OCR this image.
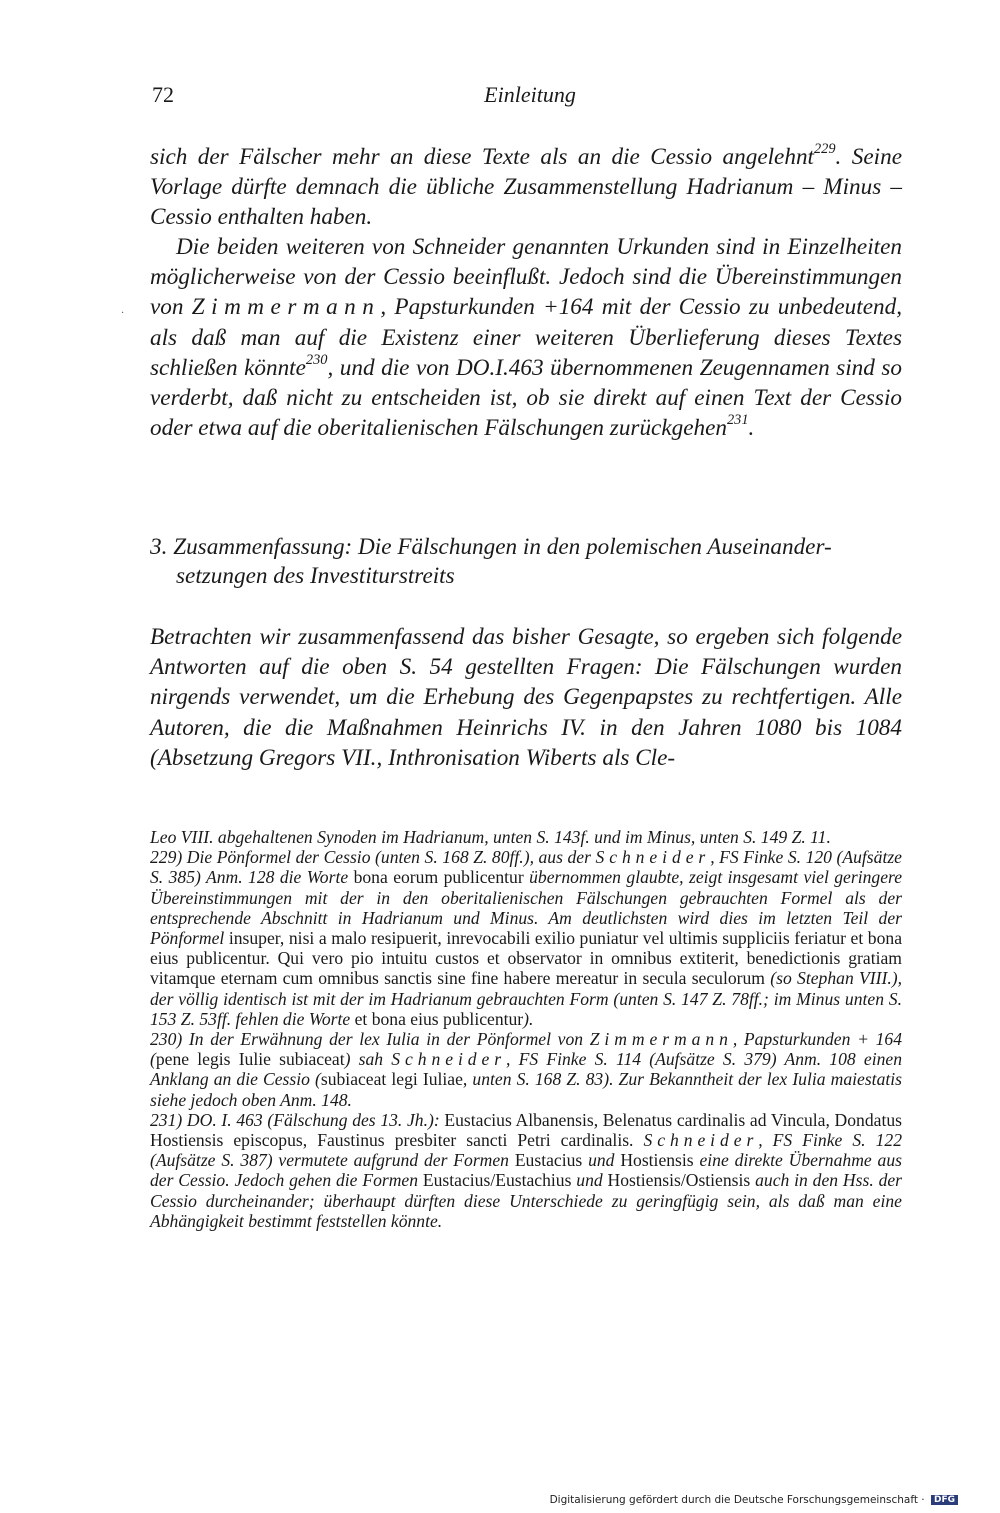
72	Einleitung

sich der Fälscher mehr an diese Texte als an die Cessio angelehnt$^{229}$. Seine Vorlage dürfte demnach die übliche Zusammenstellung Hadrianum – Minus – Cessio enthalten haben.

Die beiden weiteren von Schneider genannten Urkunden sind in Einzelheiten möglicherweise von der Cessio beeinflußt. Jedoch sind die Übereinstimmungen von Zimmermann, Papsturkunden +164 mit der Cessio zu unbedeutend, als daß man auf die Existenz einer weiteren Überlieferung dieses Textes schließen könnte$^{230}$, und die von DO.I.463 übernommenen Zeugennamen sind so verderbt, daß nicht zu entscheiden ist, ob sie direkt auf einen Text der Cessio oder etwa auf die oberitalienischen Fälschungen zurückgehen$^{231}$.

·

3. Zusammenfassung: Die Fälschungen in den polemischen Auseinander-
setzungen des Investiturstreits

Betrachten wir zusammenfassend das bisher Gesagte, so ergeben sich folgende Antworten auf die oben S. 54 gestellten Fragen: Die Fälschungen wurden nirgends verwendet, um die Erhebung des Gegenpapstes zu rechtfertigen. Alle Autoren, die die Maßnahmen Heinrichs IV. in den Jahren 1080 bis 1084 (Absetzung Gregors VII., Inthronisation Wiberts als Cle-

Leo VIII. abgehaltenen Synoden im Hadrianum, unten S. 143f. und im Minus, unten S. 149 Z. 11.

229) Die Pönformel der Cessio (unten S. 168 Z. 80ff.), aus der Schneider, FS Finke S. 120 (Aufsätze S. 385) Anm. 128 die Worte bona eorum publicentur übernommen glaubte, zeigt insgesamt viel geringere Übereinstimmungen mit der in den oberitalienischen Fälschungen gebrauchten Formel als der entsprechende Abschnitt in Hadrianum und Minus. Am deutlichsten wird dies im letzten Teil der Pönformel insuper, nisi a malo resipuerit, inrevocabili exilio puniatur vel ultimis suppliciis feriatur et bona eius publicentur. Qui vero pio intuitu custos et observator in omnibus extiterit, benedictionis gratiam vitamque eternam cum omnibus sanctis sine fine habere mereatur in secula seculorum (so Stephan VIII.), der völlig identisch ist mit der im Hadrianum gebrauchten Form (unten S. 147 Z. 78ff.; im Minus unten S. 153 Z. 53ff. fehlen die Worte et bona eius publicentur).

230) In der Erwähnung der lex Iulia in der Pönformel von Zimmermann, Papsturkunden + 164 (pene legis Iulie subiaceat) sah Schneider, FS Finke S. 114 (Aufsätze S. 379) Anm. 108 einen Anklang an die Cessio (subiaceat legi Iuliae, unten S. 168 Z. 83). Zur Bekanntheit der lex Iulia maiestatis siehe jedoch oben Anm. 148.

231) DO. I. 463 (Fälschung des 13. Jh.): Eustacius Albanensis, Belenatus cardinalis ad Vincula, Dondatus Hostiensis episcopus, Faustinus presbiter sancti Petri cardinalis. Schneider, FS Finke S. 122 (Aufsätze S. 387) vermutete aufgrund der Formen Eustacius und Hostiensis eine direkte Übernahme aus der Cessio. Jedoch gehen die Formen Eustacius/Eustachius und Hostiensis/Ostiensis auch in den Hss. der Cessio durcheinander; überhaupt dürften diese Unterschiede zu geringfügig sein, als daß man eine Abhängigkeit bestimmt feststellen könnte.

Digitalisierung gefördert durch die Deutsche Forschungsgemeinschaft · DFG
